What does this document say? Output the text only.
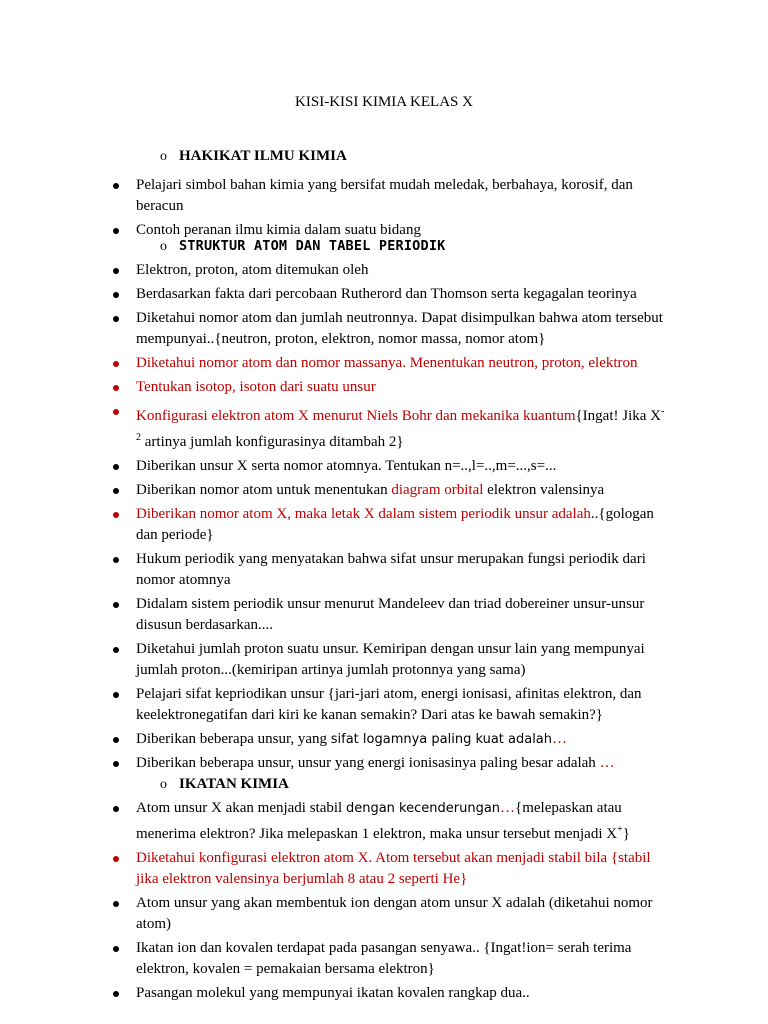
KISI-KISI KIMIA KELAS X
o HAKIKAT ILMU KIMIA
Pelajari simbol bahan kimia yang bersifat mudah meledak, berbahaya, korosif, dan beracun
Contoh peranan ilmu kimia dalam suatu bidang
o STRUKTUR ATOM DAN TABEL PERIODIK
Elektron, proton, atom ditemukan oleh
Berdasarkan fakta dari percobaan Rutherord dan Thomson serta kegagalan teorinya
Diketahui nomor atom dan jumlah neutronnya. Dapat disimpulkan bahwa atom tersebut mempunyai..{neutron, proton, elektron, nomor massa, nomor atom}
Diketahui nomor atom dan nomor massanya. Menentukan neutron, proton, elektron
Tentukan isotop, isoton dari suatu unsur
Konfigurasi elektron atom X menurut Niels Bohr dan mekanika kuantum{Ingat! Jika $X^{-2}$ artinya jumlah konfigurasinya ditambah 2}
Diberikan unsur X serta nomor atomnya. Tentukan n=..,l=..,m=...,s=...
Diberikan nomor atom untuk menentukan diagram orbital elektron valensinya
Diberikan nomor atom X, maka letak X dalam sistem periodik unsur adalah..{gologan dan periode}
Hukum periodik yang menyatakan bahwa sifat unsur merupakan fungsi periodik dari nomor atomnya
Didalam sistem periodik unsur menurut Mandeleev dan triad dobereiner unsur-unsur disusun berdasarkan....
Diketahui jumlah proton suatu unsur. Kemiripan dengan unsur lain yang mempunyai jumlah proton...(kemiripan artinya jumlah protonnya yang sama)
Pelajari sifat kepriodikan unsur {jari-jari atom, energi ionisasi, afinitas elektron, dan keelektronegatifan dari kiri ke kanan semakin? Dari atas ke bawah semakin?}
Diberikan beberapa unsur, yang sifat logamnya paling kuat adalah…
Diberikan beberapa unsur, unsur yang energi ionisasinya paling besar adalah …
o IKATAN KIMIA
Atom unsur X akan menjadi stabil dengan kecenderungan…{melepaskan atau menerima elektron? Jika melepaskan 1 elektron, maka unsur tersebut menjadi X+}
Diketahui konfigurasi elektron atom X. Atom tersebut akan menjadi stabil bila {stabil jika elektron valensinya berjumlah 8 atau 2 seperti He}
Atom unsur yang akan membentuk ion dengan atom unsur X adalah (diketahui nomor atom)
Ikatan ion dan kovalen terdapat pada pasangan senyawa.. {Ingat!ion= serah terima elektron, kovalen = pemakaian bersama elektron}
Pasangan molekul yang mempunyai ikatan kovalen rangkap dua..
